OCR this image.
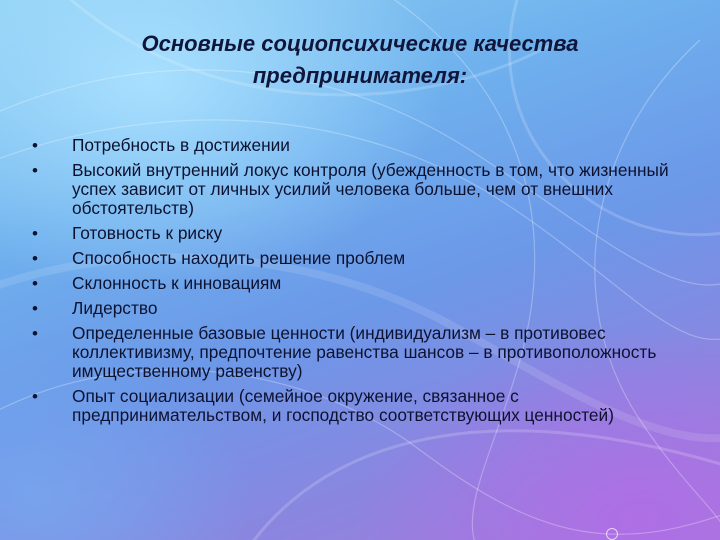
Основные социопсихические качества
предпринимателя:
• Потребность в достижении
• Высокий внутренний локус контроля (убежденность в том, что жизненный успех зависит от личных усилий человека больше, чем от внешних обстоятельств)
• Готовность к риску
• Способность находить решение проблем
• Склонность к инновациям
• Лидерство
• Определенные базовые ценности (индивидуализм – в противовес коллективизму, предпочтение равенства шансов – в противоположность имущественному равенству)
• Опыт социализации (семейное окружение, связанное с предпринимательством, и господство соответствующих ценностей)
